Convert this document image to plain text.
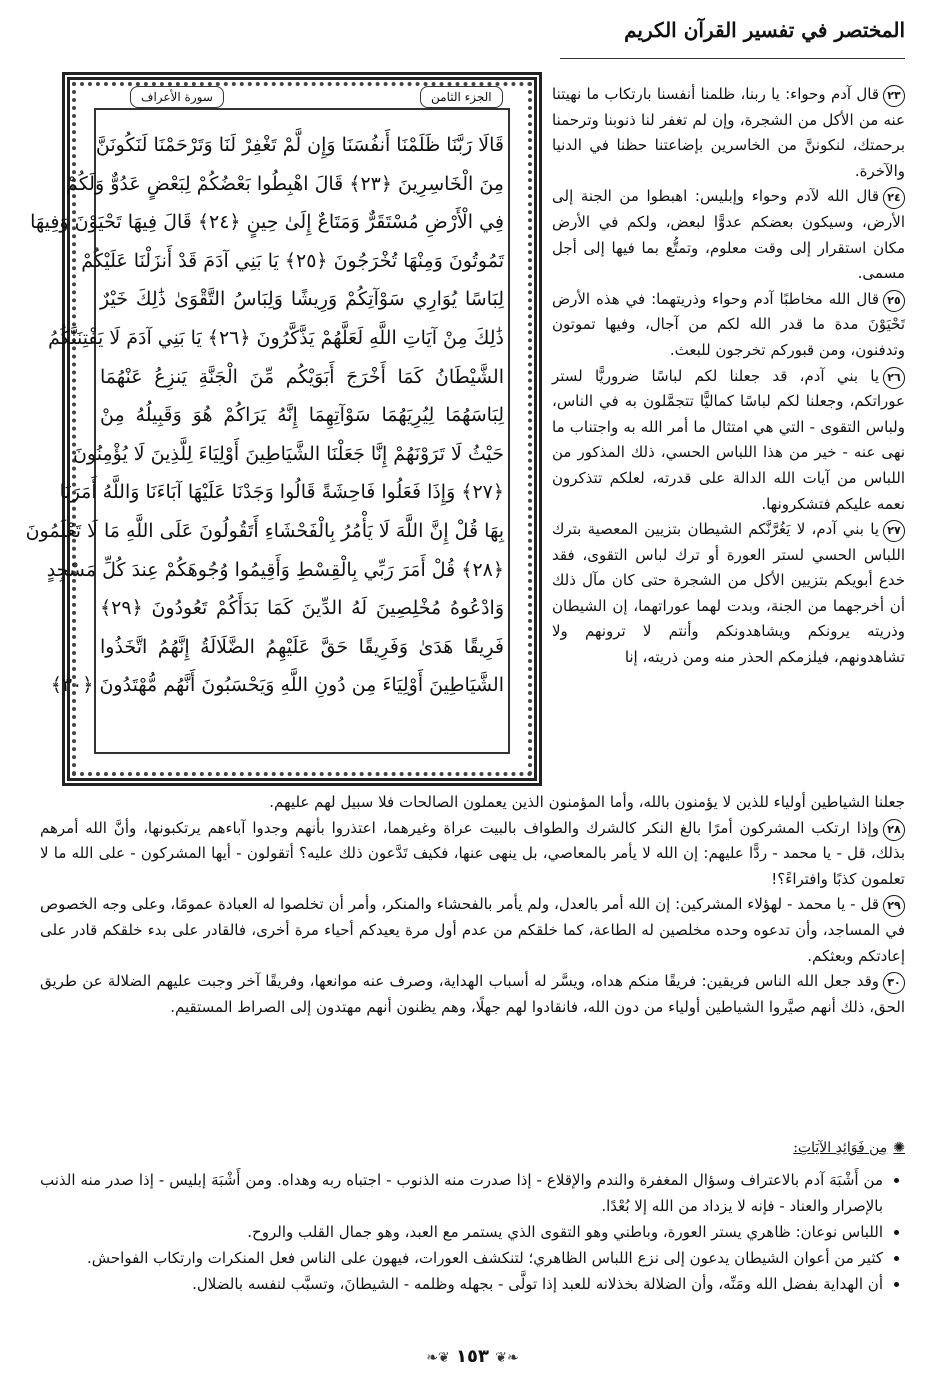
المختصر في تفسير القرآن الكريم
الجزء الثامن
سورة الأعراف
قَالَا رَبَّنَا ظَلَمْنَا أَنفُسَنَا وَإِن لَّمْ تَغْفِرْ لَنَا وَتَرْحَمْنَا لَنَكُونَنَّ
مِنَ الْخَاسِرِينَ ﴿٢٣﴾ قَالَ اهْبِطُوا بَعْضُكُمْ لِبَعْضٍ عَدُوٌّ وَلَكُمْ
فِي الْأَرْضِ مُسْتَقَرٌّ وَمَتَاعٌ إِلَىٰ حِينٍ ﴿٢٤﴾ قَالَ فِيهَا تَحْيَوْنَ وَفِيهَا
تَمُوتُونَ وَمِنْهَا تُخْرَجُونَ ﴿٢٥﴾ يَا بَنِي آدَمَ قَدْ أَنزَلْنَا عَلَيْكُمْ
لِبَاسًا يُوَارِي سَوْآتِكُمْ وَرِيشًا وَلِبَاسُ التَّقْوَىٰ ذَٰلِكَ خَيْرٌ
ذَٰلِكَ مِنْ آيَاتِ اللَّهِ لَعَلَّهُمْ يَذَّكَّرُونَ ﴿٢٦﴾ يَا بَنِي آدَمَ لَا يَفْتِنَنَّكُمُ
الشَّيْطَانُ كَمَا أَخْرَجَ أَبَوَيْكُم مِّنَ الْجَنَّةِ يَنزِعُ عَنْهُمَا
لِبَاسَهُمَا لِيُرِيَهُمَا سَوْآتِهِمَا إِنَّهُ يَرَاكُمْ هُوَ وَقَبِيلُهُ مِنْ
حَيْثُ لَا تَرَوْنَهُمْ إِنَّا جَعَلْنَا الشَّيَاطِينَ أَوْلِيَاءَ لِلَّذِينَ لَا يُؤْمِنُونَ
﴿٢٧﴾ وَإِذَا فَعَلُوا فَاحِشَةً قَالُوا وَجَدْنَا عَلَيْهَا آبَاءَنَا وَاللَّهُ أَمَرَنَا
بِهَا قُلْ إِنَّ اللَّهَ لَا يَأْمُرُ بِالْفَحْشَاءِ أَتَقُولُونَ عَلَى اللَّهِ مَا لَا تَعْلَمُونَ
﴿٢٨﴾ قُلْ أَمَرَ رَبِّي بِالْقِسْطِ وَأَقِيمُوا وُجُوهَكُمْ عِندَ كُلِّ مَسْجِدٍ
وَادْعُوهُ مُخْلِصِينَ لَهُ الدِّينَ كَمَا بَدَأَكُمْ تَعُودُونَ ﴿٢٩﴾
فَرِيقًا هَدَىٰ وَفَرِيقًا حَقَّ عَلَيْهِمُ الضَّلَالَةُ إِنَّهُمُ اتَّخَذُوا
الشَّيَاطِينَ أَوْلِيَاءَ مِن دُونِ اللَّهِ وَيَحْسَبُونَ أَنَّهُم مُّهْتَدُونَ ﴿٣٠﴾

٢٣قال آدم وحواء: يا ربنا، ظلمنا أنفسنا بارتكاب ما نهيتنا عنه من الأكل من الشجرة، وإن لم تغفر لنا ذنوبنا وترحمنا برحمتك، لنكوننَّ من الخاسرين بإضاعتنا حظنا في الدنيا والآخرة.

٢٤قال الله لآدم وحواء وإبليس: اهبطوا من الجنة إلى الأرض، وسيكون بعضكم عدوًّا لبعض، ولكم في الأرض مكان استقرار إلى وقت معلوم، وتمتُّع بما فيها إلى أجل مسمى.

٢٥قال الله مخاطبًا آدم وحواء وذريتهما: في هذه الأرض تَحْيَوْنَ مدة ما قدر الله لكم من آجال، وفيها تموتون وتدفنون، ومن قبوركم تخرجون للبعث.

٢٦يا بني آدم، قد جعلنا لكم لباسًا ضروريًّا لستر عوراتكم، وجعلنا لكم لباسًا كماليًّا تتجمَّلون به في الناس، ولباس التقوى - التي هي امتثال ما أمر الله به واجتناب ما نهى عنه - خير من هذا اللباس الحسي، ذلك المذكور من اللباس من آيات الله الدالة على قدرته، لعلكم تتذكرون نعمه عليكم فتشكرونها.

٢٧يا بني آدم، لا يَغُرَّنَّكم الشيطان بتزيين المعصية بترك اللباس الحسي لستر العورة أو ترك لباس التقوى، فقد خدع أبويكم بتزيين الأكل من الشجرة حتى كان مآل ذلك أن أخرجهما من الجنة، وبدت لهما عوراتهما، إن الشيطان وذريته يرونكم ويشاهدونكم وأنتم لا ترونهم ولا تشاهدونهم، فيلزمكم الحذر منه ومن ذريته، إنا

جعلنا الشياطين أولياء للذين لا يؤمنون بالله، وأما المؤمنون الذين يعملون الصالحات فلا سبيل لهم عليهم.

٢٨وإذا ارتكب المشركون أمرًا بالغ النكر كالشرك والطواف بالبيت عراة وغيرهما، اعتذروا بأنهم وجدوا آباءهم يرتكبونها، وأنَّ الله أمرهم بذلك، قل - يا محمد - ردًّا عليهم: إن الله لا يأمر بالمعاصي، بل ينهى عنها، فكيف تَدَّعون ذلك عليه؟ أتقولون - أيها المشركون - على الله ما لا تعلمون كذبًا وافتراءً؟!

٢٩قل - يا محمد - لهؤلاء المشركين: إن الله أمر بالعدل، ولم يأمر بالفحشاء والمنكر، وأمر أن تخلصوا له العبادة عمومًا، وعلى وجه الخصوص في المساجد، وأن تدعوه وحده مخلصين له الطاعة، كما خلقكم من عدم أول مرة يعيدكم أحياء مرة أخرى، فالقادر على بدء خلقكم قادر على إعادتكم وبعثكم.

٣٠وقد جعل الله الناس فريقين: فريقًا منكم هداه، ويسَّر له أسباب الهداية، وصرف عنه موانعها، وفريقًا آخر وجبت عليهم الضلالة عن طريق الحق، ذلك أنهم صيَّروا الشياطين أولياء من دون الله، فانقادوا لهم جهلًا، وهم يظنون أنهم مهتدون إلى الصراط المستقيم.

✺مِن فَوَائِدِ الآيَاتِ:
• من أَشْبَهَ آدم بالاعتراف وسؤال المغفرة والندم والإقلاع - إذا صدرت منه الذنوب - اجتباه ربه وهداه. ومن أَشْبَهَ إبليس - إذا صدر منه الذنب بالإصرار والعناد - فإنه لا يزداد من الله إلا بُعْدًا.
• اللباس نوعان: ظاهري يستر العورة، وباطني وهو التقوى الذي يستمر مع العبد، وهو جمال القلب والروح.
• كثير من أعوان الشيطان يدعون إلى نزع اللباس الظاهري؛ لتنكشف العورات، فيهون على الناس فعل المنكرات وارتكاب الفواحش.
• أن الهداية بفضل الله ومَنِّه، وأن الضلالة بخذلانه للعبد إذا تولَّى - بجهله وظلمه - الشيطانَ، وتسبَّب لنفسه بالضلال.
❧❦ ١٥٣ ❦❧
